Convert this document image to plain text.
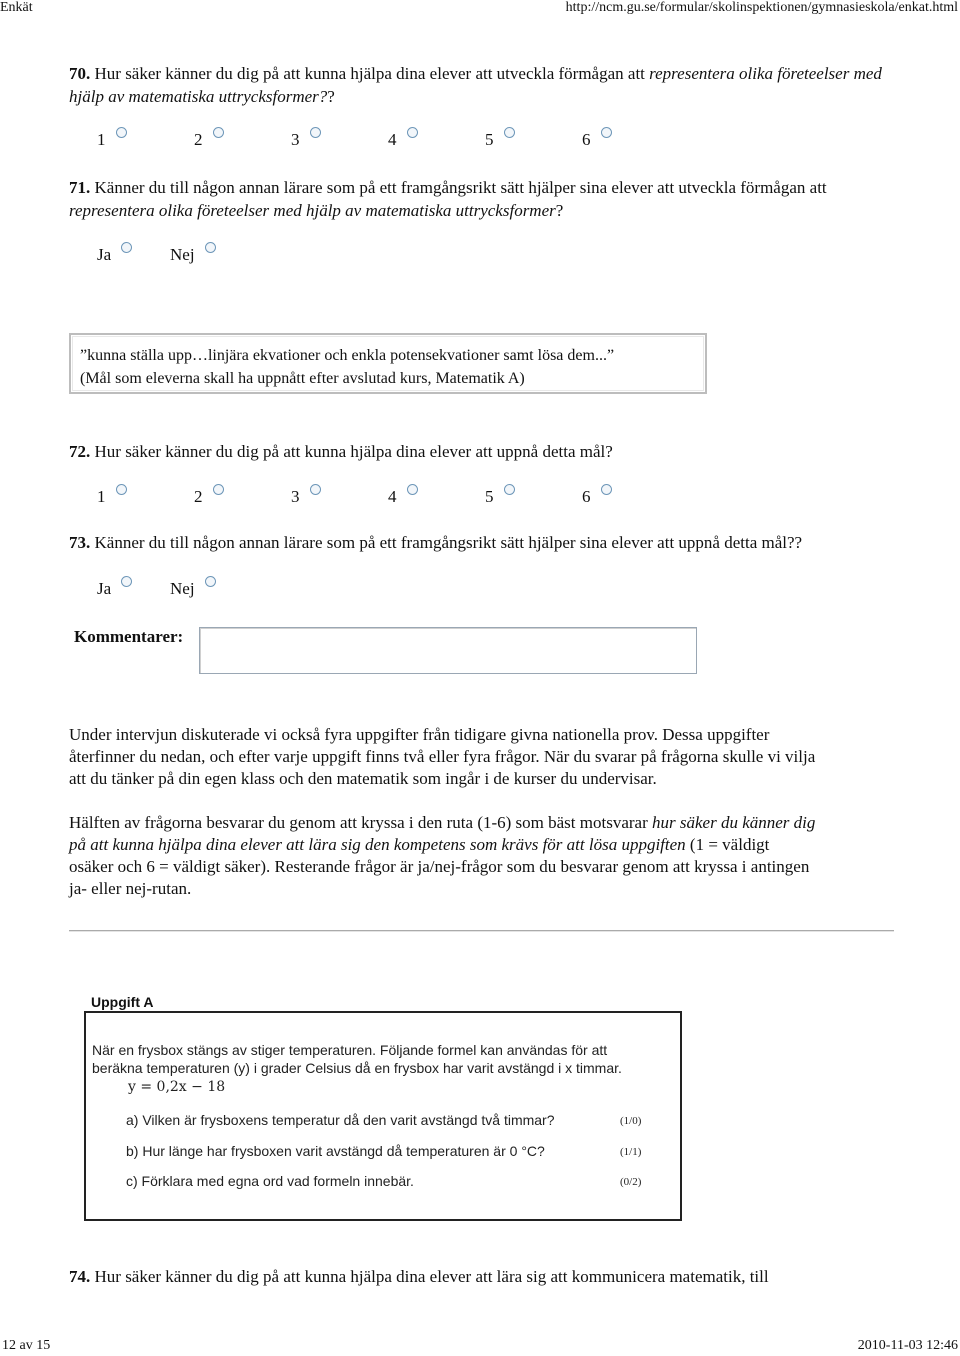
Enkät	http://ncm.gu.se/formular/skolinspektionen/gymnasieskola/enkat.html
70. Hur säker känner du dig på att kunna hjälpa dina elever att utveckla förmågan att representera olika företeelser med hjälp av matematiska uttrycksformer??
1	2	3	4	5	6
71. Känner du till någon annan lärare som på ett framgångsrikt sätt hjälper sina elever att utveckla förmågan att representera olika företeelser med hjälp av matematiska uttrycksformer?
Ja	Nej
”kunna ställa upp…linjära ekvationer och enkla potensekvationer samt lösa dem...”
(Mål som eleverna skall ha uppnått efter avslutad kurs, Matematik A)
72. Hur säker känner du dig på att kunna hjälpa dina elever att uppnå detta mål?
1	2	3	4	5	6
73. Känner du till någon annan lärare som på ett framgångsrikt sätt hjälper sina elever att uppnå detta mål??
Ja	Nej
Kommentarer:
Under intervjun diskuterade vi också fyra uppgifter från tidigare givna nationella prov. Dessa uppgifter
återfinner du nedan, och efter varje uppgift finns två eller fyra frågor. När du svarar på frågorna skulle vi vilja
att du tänker på din egen klass och den matematik som ingår i de kurser du undervisar.
Hälften av frågorna besvarar du genom att kryssa i den ruta (1-6) som bäst motsvarar hur säker du känner dig
på att kunna hjälpa dina elever att lära sig den kompetens som krävs för att lösa uppgiften (1 = väldigt
osäker och 6 = väldigt säker). Resterande frågor är ja/nej-frågor som du besvarar genom att kryssa i antingen
ja- eller nej-rutan.
Uppgift A
När en frysbox stängs av stiger temperaturen. Följande formel kan användas för att
beräkna temperaturen (y) i grader Celsius då en frysbox har varit avstängd i x timmar.
y = 0,2x − 18
a) Vilken är frysboxens temperatur då den varit avstängd två timmar?	(1/0)
b) Hur länge har frysboxen varit avstängd då temperaturen är 0 °C?	(1/1)
c) Förklara med egna ord vad formeln innebär.	(0/2)
74. Hur säker känner du dig på att kunna hjälpa dina elever att lära sig att kommunicera matematik, till
12 av 15	2010-11-03 12:46
